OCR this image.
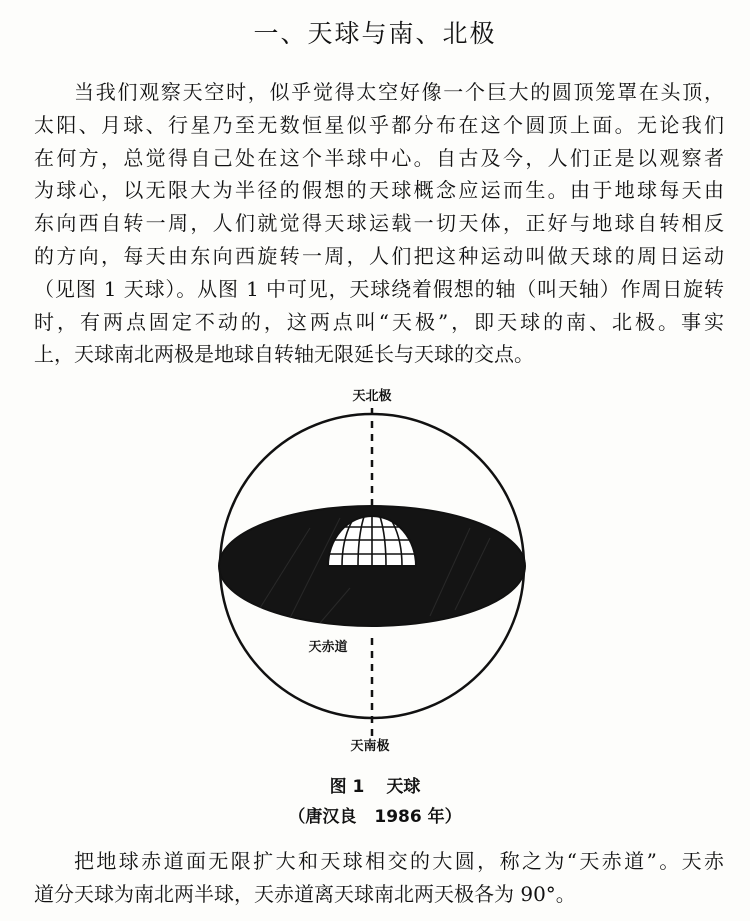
一、天球与南、北极
当我们观察天空时，似乎觉得太空好像一个巨大的圆顶笼罩在头顶，
太阳、月球、行星乃至无数恒星似乎都分布在这个圆顶上面。无论我们
在何方，总觉得自己处在这个半球中心。自古及今，人们正是以观察者
为球心，以无限大为半径的假想的天球概念应运而生。由于地球每天由
东向西自转一周，人们就觉得天球运载一切天体，正好与地球自转相反
的方向，每天由东向西旋转一周，人们把这种运动叫做天球的周日运动
（见图 1 天球）。从图 1 中可见，天球绕着假想的轴（叫天轴）作周日旋转
时，有两点固定不动的，这两点叫“天极”，即天球的南、北极。事实
上，天球南北两极是地球自转轴无限延长与天球的交点。
天北极
天赤道
天南极
图 1 天球
（唐汉良 1986 年）
把地球赤道面无限扩大和天球相交的大圆，称之为“天赤道”。天赤
道分天球为南北两半球，天赤道离天球南北两天极各为 90°。
